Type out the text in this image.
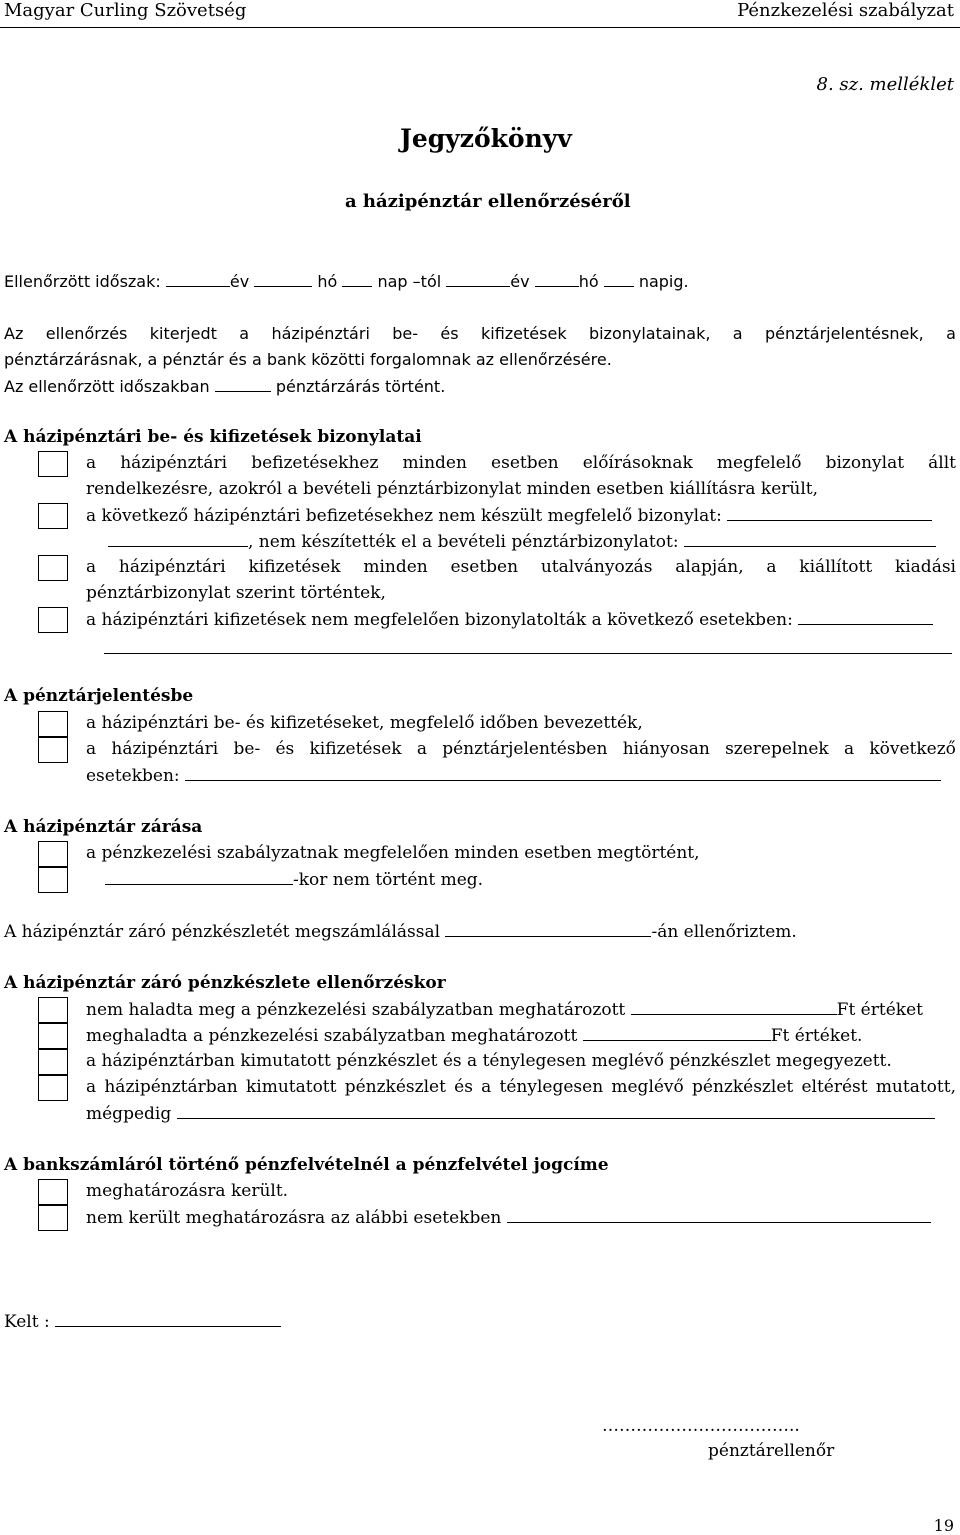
Magyar Curling Szövetség	Pénzkezelési szabályzat
8. sz. melléklet
Jegyzőkönyv
a házipénztár ellenőrzéséről
Ellenőrzött időszak:	év	hó	nap –tól	év	hó	napig.
Az ellenőrzés kiterjedt a házipénztári be- és kifizetések bizonylatainak, a pénztárjelentésnek, a
pénztárzárásnak, a pénztár és a bank közötti forgalomnak az ellenőrzésére.
Az ellenőrzött időszakban	pénztárzárás történt.
A házipénztári be- és kifizetések bizonylatai
a házipénztári befizetésekhez minden esetben előírásoknak megfelelő bizonylat állt
rendelkezésre, azokról a bevételi pénztárbizonylat minden esetben kiállításra került,
a következő házipénztári befizetésekhez nem készült megfelelő bizonylat:
, nem készítették el a bevételi pénztárbizonylatot:
a házipénztári kifizetések minden esetben utalványozás alapján, a kiállított kiadási
pénztárbizonylat szerint történtek,
a házipénztári kifizetések nem megfelelően bizonylatolták a következő esetekben:
A pénztárjelentésbe
a házipénztári be- és kifizetéseket, megfelelő időben bevezették,
a házipénztári be- és kifizetések a pénztárjelentésben hiányosan szerepelnek a következő
esetekben:
A házipénztár zárása
a pénzkezelési szabályzatnak megfelelően minden esetben megtörtént,
-kor nem történt meg.
A házipénztár záró pénzkészletét megszámlálással	-án ellenőriztem.
A házipénztár záró pénzkészlete ellenőrzéskor
nem haladta meg a pénzkezelési szabályzatban meghatározott	Ft értéket
meghaladta a pénzkezelési szabályzatban meghatározott	Ft értéket.
a házipénztárban kimutatott pénzkészlet és a ténylegesen meglévő pénzkészlet megegyezett.
a házipénztárban kimutatott pénzkészlet és a ténylegesen meglévő pénzkészlet eltérést mutatott,
mégpedig
A bankszámláról történő pénzfelvételnél a pénzfelvétel jogcíme
meghatározásra került.
nem került meghatározásra az alábbi esetekben
Kelt :
……………………………..
pénztárellenőr
19
